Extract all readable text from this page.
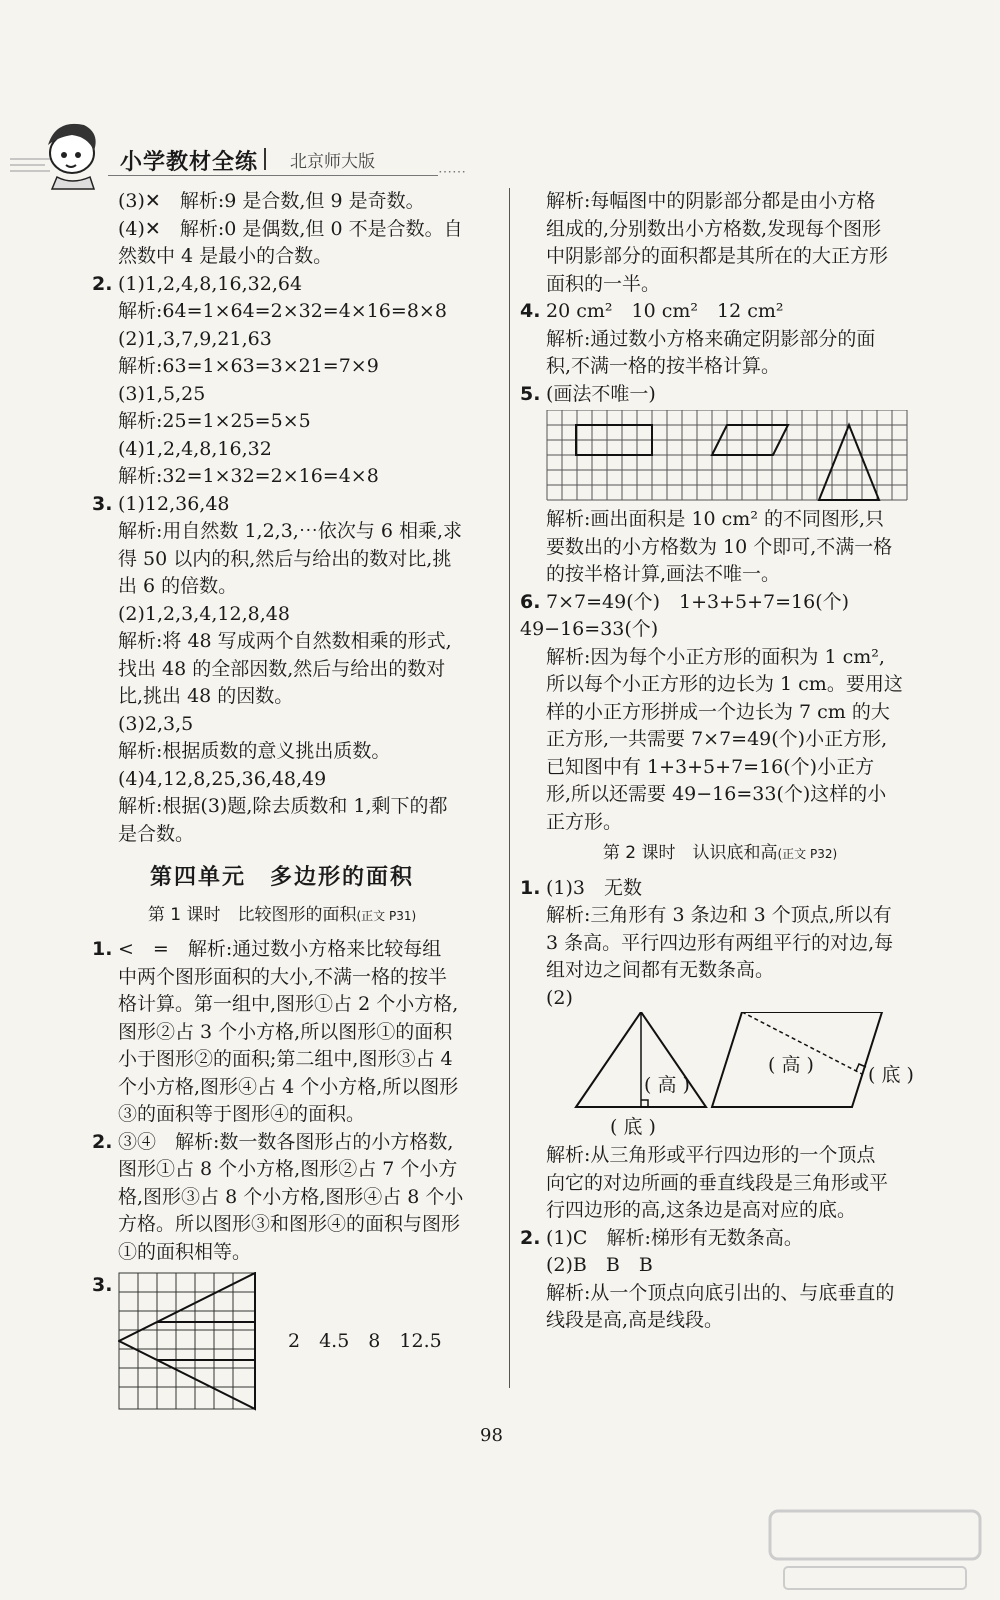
小学教材全练 北京师大版	⋯⋯
(3)✕　解析:9 是合数,但 9 是奇数。
(4)✕　解析:0 是偶数,但 0 不是合数。自
然数中 4 是最小的合数。
2. (1)1,2,4,8,16,32,64
解析:64=1×64=2×32=4×16=8×8
(2)1,3,7,9,21,63
解析:63=1×63=3×21=7×9
(3)1,5,25
解析:25=1×25=5×5
(4)1,2,4,8,16,32
解析:32=1×32=2×16=4×8
3. (1)12,36,48
解析:用自然数 1,2,3,⋯依次与 6 相乘,求
得 50 以内的积,然后与给出的数对比,挑
出 6 的倍数。
(2)1,2,3,4,12,8,48
解析:将 48 写成两个自然数相乘的形式,
找出 48 的全部因数,然后与给出的数对
比,挑出 48 的因数。
(3)2,3,5
解析:根据质数的意义挑出质数。
(4)4,12,8,25,36,48,49
解析:根据(3)题,除去质数和 1,剩下的都
是合数。
第四单元　多边形的面积
第 1 课时　比较图形的面积(正文 P31)
1. <　=　解析:通过数小方格来比较每组
中两个图形面积的大小,不满一格的按半
格计算。第一组中,图形①占 2 个小方格,
图形②占 3 个小方格,所以图形①的面积
小于图形②的面积;第二组中,图形③占 4
个小方格,图形④占 4 个小方格,所以图形
③的面积等于图形④的面积。
2. ③④　解析:数一数各图形占的小方格数,
图形①占 8 个小方格,图形②占 7 个小方
格,图形③占 8 个小方格,图形④占 8 个小
方格。所以图形③和图形④的面积与图形
①的面积相等。
3.
2　4.5　8　12.5
解析:每幅图中的阴影部分都是由小方格
组成的,分别数出小方格数,发现每个图形
中阴影部分的面积都是其所在的大正方形
面积的一半。
4. 20 cm²　10 cm²　12 cm²
解析:通过数小方格来确定阴影部分的面
积,不满一格的按半格计算。
5. (画法不唯一)
解析:画出面积是 10 cm² 的不同图形,只
要数出的小方格数为 10 个即可,不满一格
的按半格计算,画法不唯一。
6. 7×7=49(个)　1+3+5+7=16(个)
49−16=33(个)
解析:因为每个小正方形的面积为 1 cm²,
所以每个小正方形的边长为 1 cm。要用这
样的小正方形拼成一个边长为 7 cm 的大
正方形,一共需要 7×7=49(个)小正方形,
已知图中有 1+3+5+7=16(个)小正方
形,所以还需要 49−16=33(个)这样的小
正方形。
第 2 课时　认识底和高(正文 P32)
1. (1)3　无数
解析:三角形有 3 条边和 3 个顶点,所以有
3 条高。平行四边形有两组平行的对边,每
组对边之间都有无数条高。
(2)
( 高 )
( 底 )
( 高 )	( 底 )
解析:从三角形或平行四边形的一个顶点
向它的对边所画的垂直线段是三角形或平
行四边形的高,这条边是高对应的底。
2. (1)C　解析:梯形有无数条高。
(2)B　B　B
解析:从一个顶点向底引出的、与底垂直的
线段是高,高是线段。
98
